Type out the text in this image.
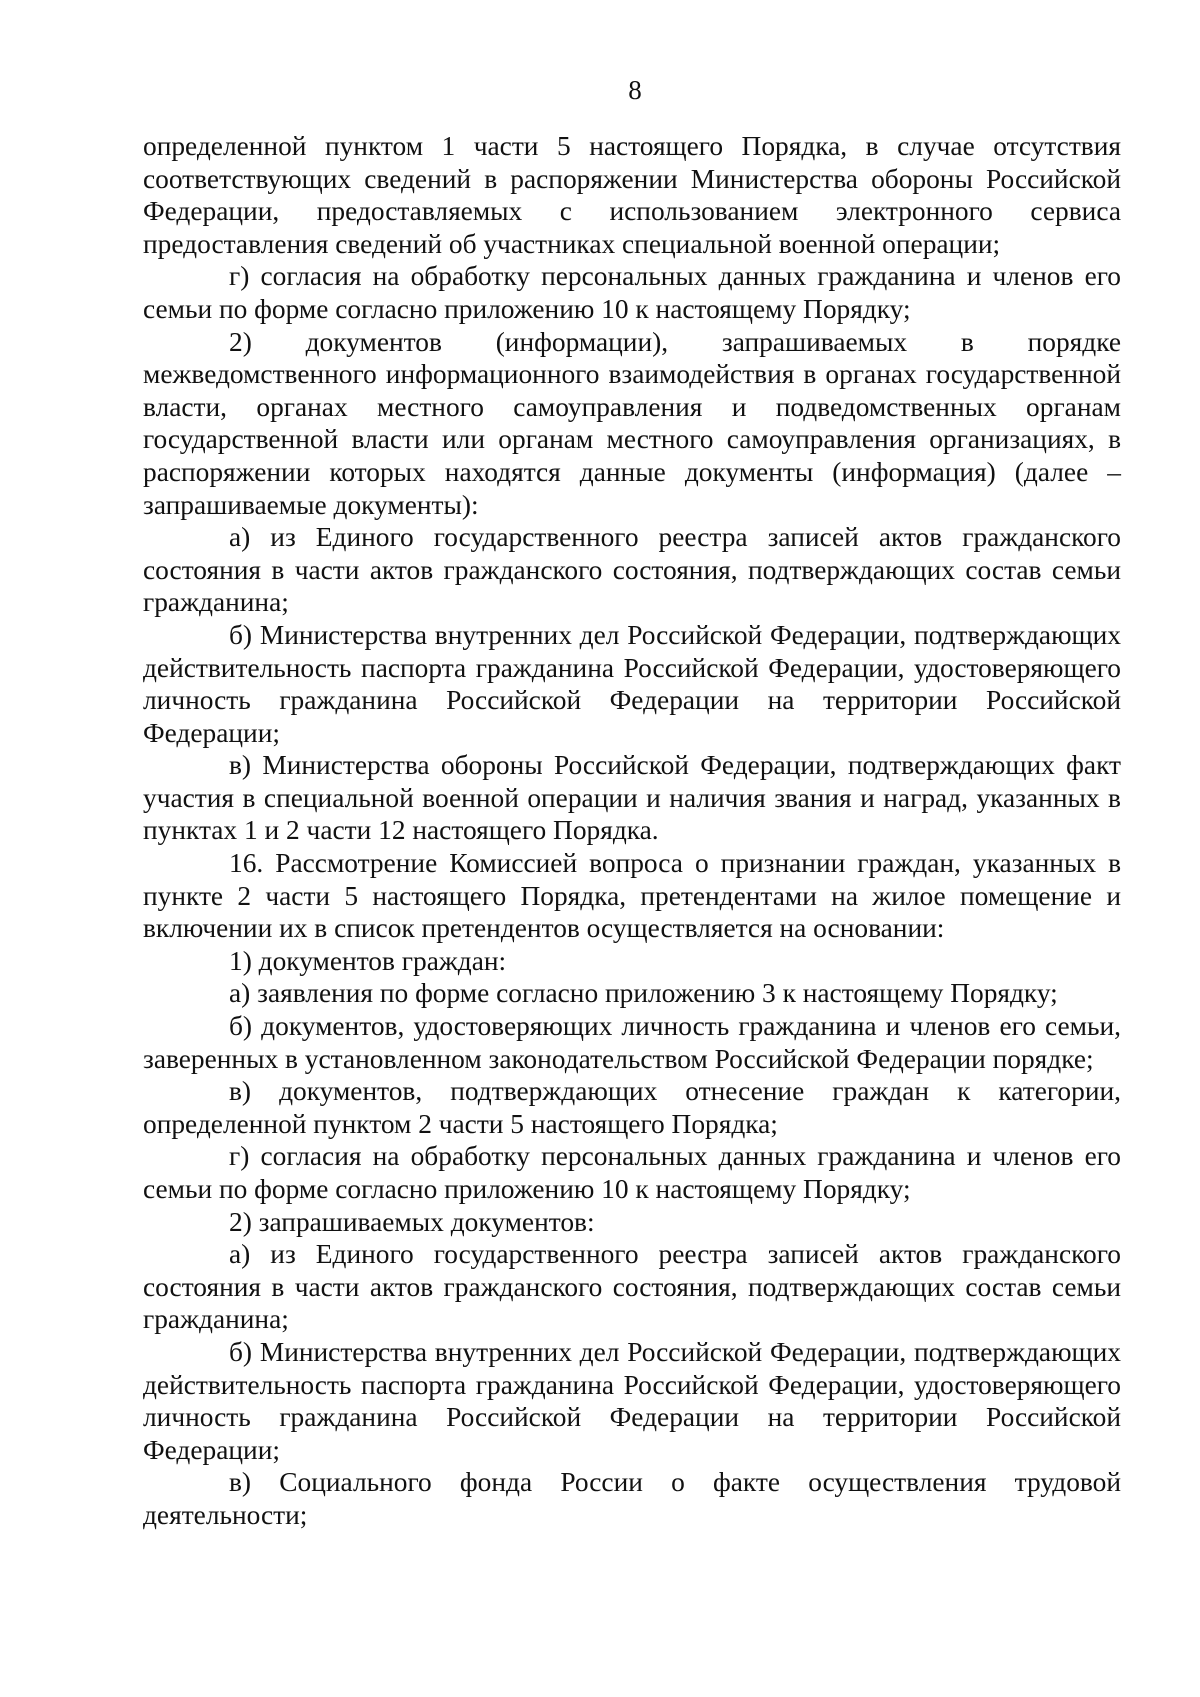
8

определенной пунктом 1 части 5 настоящего Порядка, в случае отсутствия соответствующих сведений в распоряжении Министерства обороны Российской Федерации, предоставляемых с использованием электронного сервиса предоставления сведений об участниках специальной военной операции;

г) согласия на обработку персональных данных гражданина и членов его семьи по форме согласно приложению 10 к настоящему Порядку;

2) документов (информации), запрашиваемых в порядке межведомственного информационного взаимодействия в органах государственной власти, органах местного самоуправления и подведомственных органам государственной власти или органам местного самоуправления организациях, в распоряжении которых находятся данные документы (информация) (далее – запрашиваемые документы):

а) из Единого государственного реестра записей актов гражданского состояния в части актов гражданского состояния, подтверждающих состав семьи гражданина;

б) Министерства внутренних дел Российской Федерации, подтверждающих действительность паспорта гражданина Российской Федерации, удостоверяющего личность гражданина Российской Федерации на территории Российской Федерации;

в) Министерства обороны Российской Федерации, подтверждающих факт участия в специальной военной операции и наличия звания и наград, указанных в пунктах 1 и 2 части 12 настоящего Порядка.

16. Рассмотрение Комиссией вопроса о признании граждан, указанных в пункте 2 части 5 настоящего Порядка, претендентами на жилое помещение и включении их в список претендентов осуществляется на основании:

1) документов граждан:

а) заявления по форме согласно приложению 3 к настоящему Порядку;

б) документов, удостоверяющих личность гражданина и членов его семьи, заверенных в установленном законодательством Российской Федерации порядке;

в) документов, подтверждающих отнесение граждан к категории, определенной пунктом 2 части 5 настоящего Порядка;

г) согласия на обработку персональных данных гражданина и членов его семьи по форме согласно приложению 10 к настоящему Порядку;

2) запрашиваемых документов:

а) из Единого государственного реестра записей актов гражданского состояния в части актов гражданского состояния, подтверждающих состав семьи гражданина;

б) Министерства внутренних дел Российской Федерации, подтверждающих действительность паспорта гражданина Российской Федерации, удостоверяющего личность гражданина Российской Федерации на территории Российской Федерации;

в) Социального фонда России о факте осуществления трудовой деятельности;
